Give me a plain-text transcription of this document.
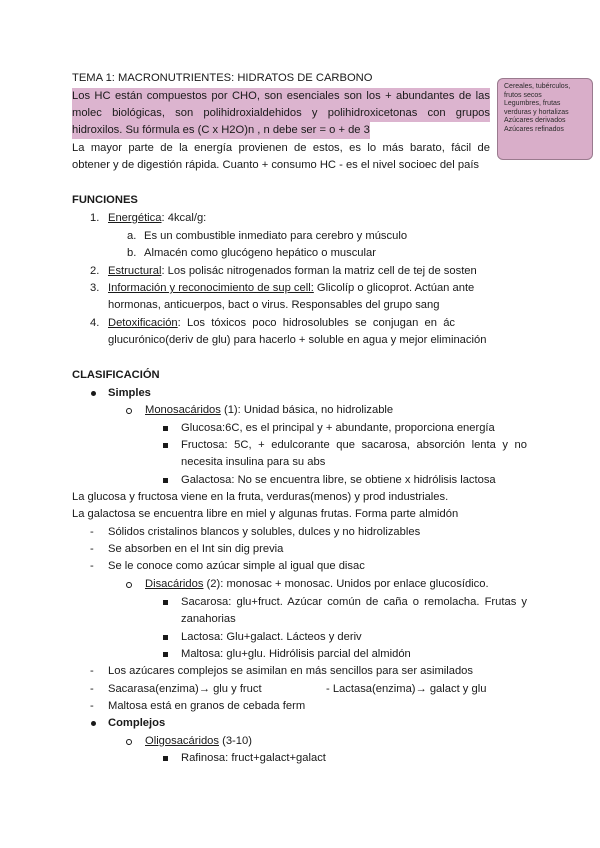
TEMA 1: MACRONUTRIENTES: HIDRATOS DE CARBONO
Los HC están compuestos por CHO, son esenciales son los + abundantes de las
molec biológicas, son polihidroxialdehidos y polihidroxicetonas con grupos
hidroxilos. Su fórmula es (C x H2O)n , n debe ser = o + de 3
La mayor parte de la energía provienen de estos, es lo más barato, fácil de
obtener y de digestión rápida. Cuanto + consumo HC - es el nivel socioec del país
Cereales, tubérculos,
frutos secos
Legumbres, frutas
verduras y hortalizas
Azúcares derivados
Azúcares refinados
FUNCIONES
1. Energética: 4kcal/g:
a. Es un combustible inmediato para cerebro y músculo
b. Almacén como glucógeno hepático o muscular
2. Estructural: Los polisác nitrogenados forman la matriz cell de tej de sosten
3. Información y reconocimiento de sup cell: Glicolíp o glicoprot. Actúan ante
hormonas, anticuerpos, bact o virus. Responsables del grupo sang
4. Detoxificación:  Los  tóxicos  poco  hidrosolubles  se  conjugan  en  ác
glucurónico(deriv de glu) para hacerlo + soluble en agua y mejor eliminación
CLASIFICACIÓN
Simples
Monosacáridos (1): Unidad básica, no hidrolizable
Glucosa:6C, es el principal y + abundante, proporciona energía
Fructosa: 5C, + edulcorante que sacarosa, absorción lenta y no
necesita insulina para su abs
Galactosa: No se encuentra libre, se obtiene x hidrólisis lactosa
La glucosa y fructosa viene en la fruta, verduras(menos) y prod industriales.
La galactosa se encuentra libre en miel y algunas frutas. Forma parte almidón
- Sólidos cristalinos blancos y solubles, dulces y no hidrolizables
- Se absorben en el Int sin dig previa
- Se le conoce como azúcar simple al igual que disac
Disacáridos (2): monosac + monosac. Unidos por enlace glucosídico.
Sacarosa: glu+fruct. Azúcar común de caña o remolacha. Frutas y
zanahorias
Lactosa: Glu+galact. Lácteos y deriv
Maltosa: glu+glu. Hidrólisis parcial del almidón
- Los azúcares complejos se asimilan en más sencillos para ser asimilados
- Sacarasa(enzima)→ glu y fruct	- Lactasa(enzima)→ galact y glu
- Maltosa está en granos de cebada ferm
Complejos
Oligosacáridos (3-10)
Rafinosa: fruct+galact+galact
